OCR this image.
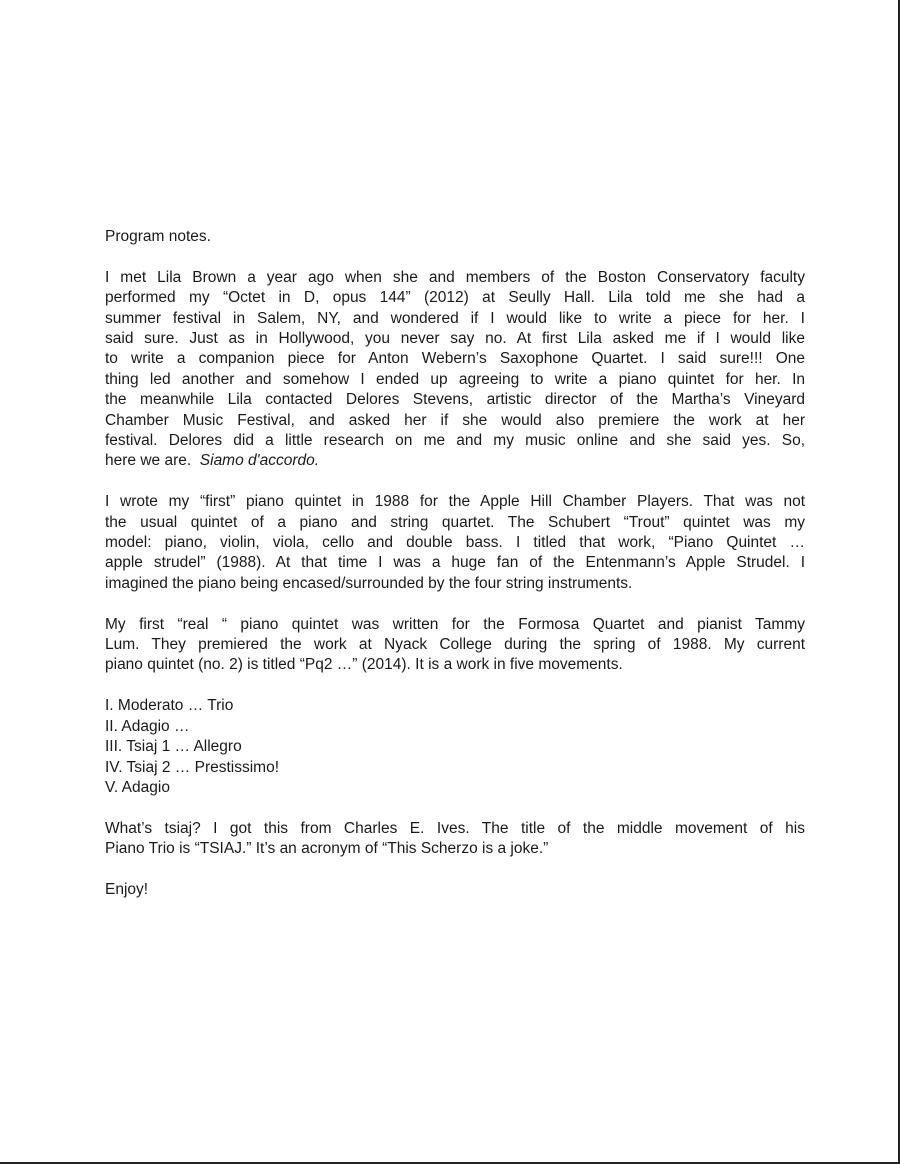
Program notes.

I met Lila Brown a year ago when she and members of the Boston Conservatory faculty
performed my “Octet in D, opus 144” (2012) at Seully Hall. Lila told me she had a
summer festival in Salem, NY, and wondered if I would like to write a piece for her. I
said sure. Just as in Hollywood, you never say no. At first Lila asked me if I would like
to write a companion piece for Anton Webern’s Saxophone Quartet. I said sure!!! One
thing led another and somehow I ended up agreeing to write a piano quintet for her. In
the meanwhile Lila contacted Delores Stevens, artistic director of the Martha’s Vineyard
Chamber Music Festival, and asked her if she would also premiere the work at her
festival. Delores did a little research on me and my music online and she said yes. So,
here we are.  Siamo d'accordo.

I wrote my “first” piano quintet in 1988 for the Apple Hill Chamber Players. That was not
the usual quintet of a piano and string quartet. The Schubert “Trout” quintet was my
model: piano, violin, viola, cello and double bass. I titled that work, “Piano Quintet …
apple strudel” (1988). At that time I was a huge fan of the Entenmann’s Apple Strudel. I
imagined the piano being encased/surrounded by the four string instruments.

My first “real “ piano quintet was written for the Formosa Quartet and pianist Tammy
Lum. They premiered the work at Nyack College during the spring of 1988. My current
piano quintet (no. 2) is titled “Pq2 …” (2014). It is a work in five movements.

I. Moderato … Trio
II. Adagio …
III. Tsiaj 1 … Allegro
IV. Tsiaj 2 … Prestissimo!
V. Adagio

What’s tsiaj? I got this from Charles E. Ives. The title of the middle movement of his
Piano Trio is “TSIAJ.” It’s an acronym of “This Scherzo is a joke.”

Enjoy!
